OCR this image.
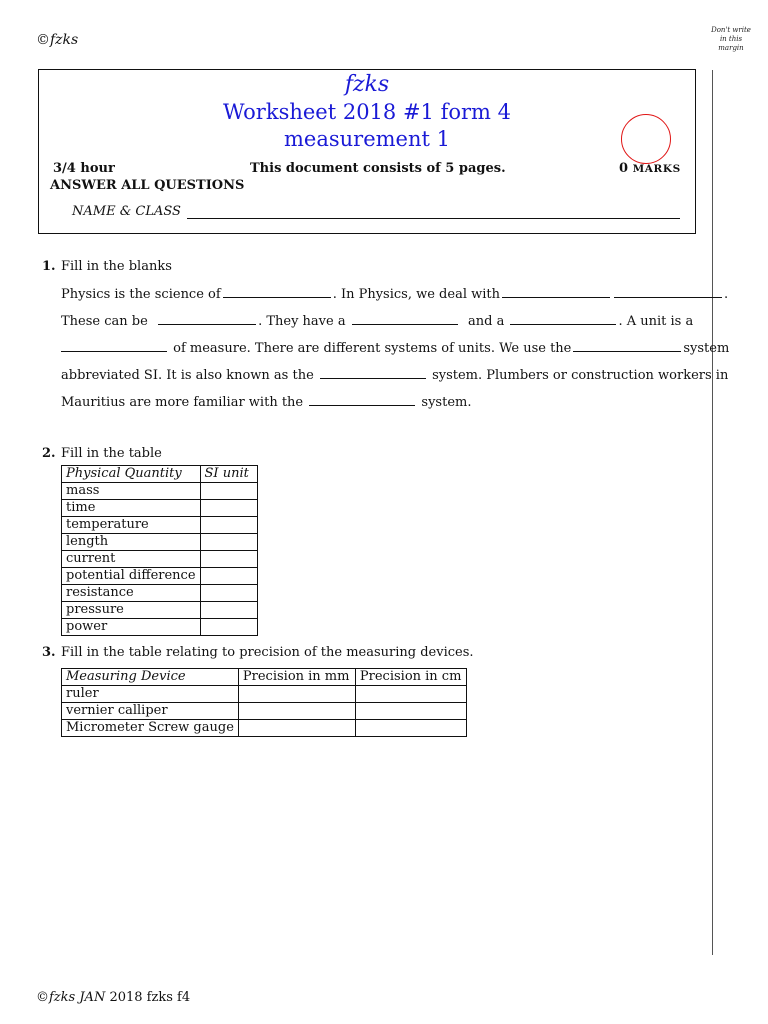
©fzks
Don't write
in this
margin
fzks
Worksheet 2018 #1 form 4
measurement 1
3/4 hour	This document consists of 5 pages.	0 MARKS
ANSWER ALL QUESTIONS
NAME & CLASS
1. Fill in the blanks
Physics is the science of	. In Physics, we deal with	.
These can be	. They have a	and a	. A unit is a
of measure. There are different systems of units. We use the	system
abbreviated SI. It is also known as the	system. Plumbers or construction workers in
Mauritius are more familiar with the	system.
2. Fill in the table
Physical Quantity	SI unit
mass	
time	
temperature	
length	
current	
potential difference	
resistance	
pressure	
power	
3. Fill in the table relating to precision of the measuring devices.
Measuring Device	Precision in mm	Precision in cm
ruler		
vernier calliper		
Micrometer Screw gauge		
©fzks JAN 2018 fzks f4
